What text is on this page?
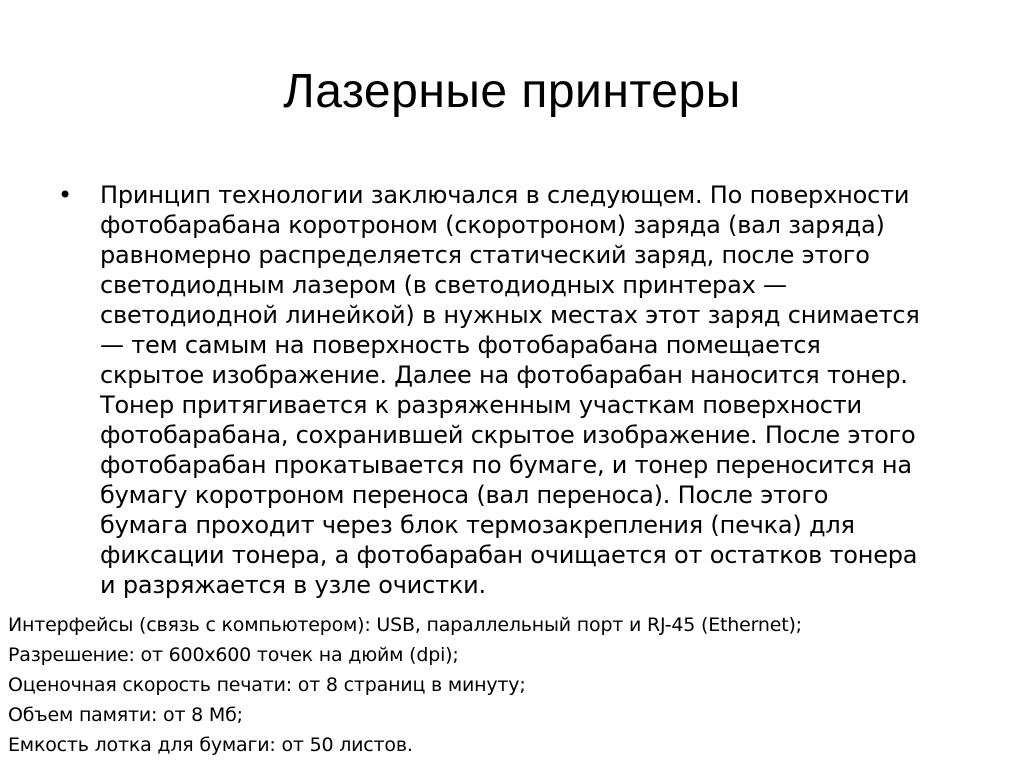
Лазерные принтеры
•	Принцип технологии заключался в следующем. По поверхности
фотобарабана коротроном (скоротроном) заряда (вал заряда)
равномерно распределяется статический заряд, после этого
светодиодным лазером (в светодиодных принтерах —
светодиодной линейкой) в нужных местах этот заряд снимается
— тем самым на поверхность фотобарабана помещается
скрытое изображение. Далее на фотобарабан наносится тонер.
Тонер притягивается к разряженным участкам поверхности
фотобарабана, сохранившей скрытое изображение. После этого
фотобарабан прокатывается по бумаге, и тонер переносится на
бумагу коротроном переноса (вал переноса). После этого
бумага проходит через блок термозакрепления (печка) для
фиксации тонера, а фотобарабан очищается от остатков тонера
и разряжается в узле очистки.
Интерфейсы (связь с компьютером): USB, параллельный порт и RJ-45 (Ethernet);
Разрешение: от 600x600 точек на дюйм (dpi);
Оценочная скорость печати: от 8 страниц в минуту;
Объем памяти: от 8 Мб;
Емкость лотка для бумаги: от 50 листов.
